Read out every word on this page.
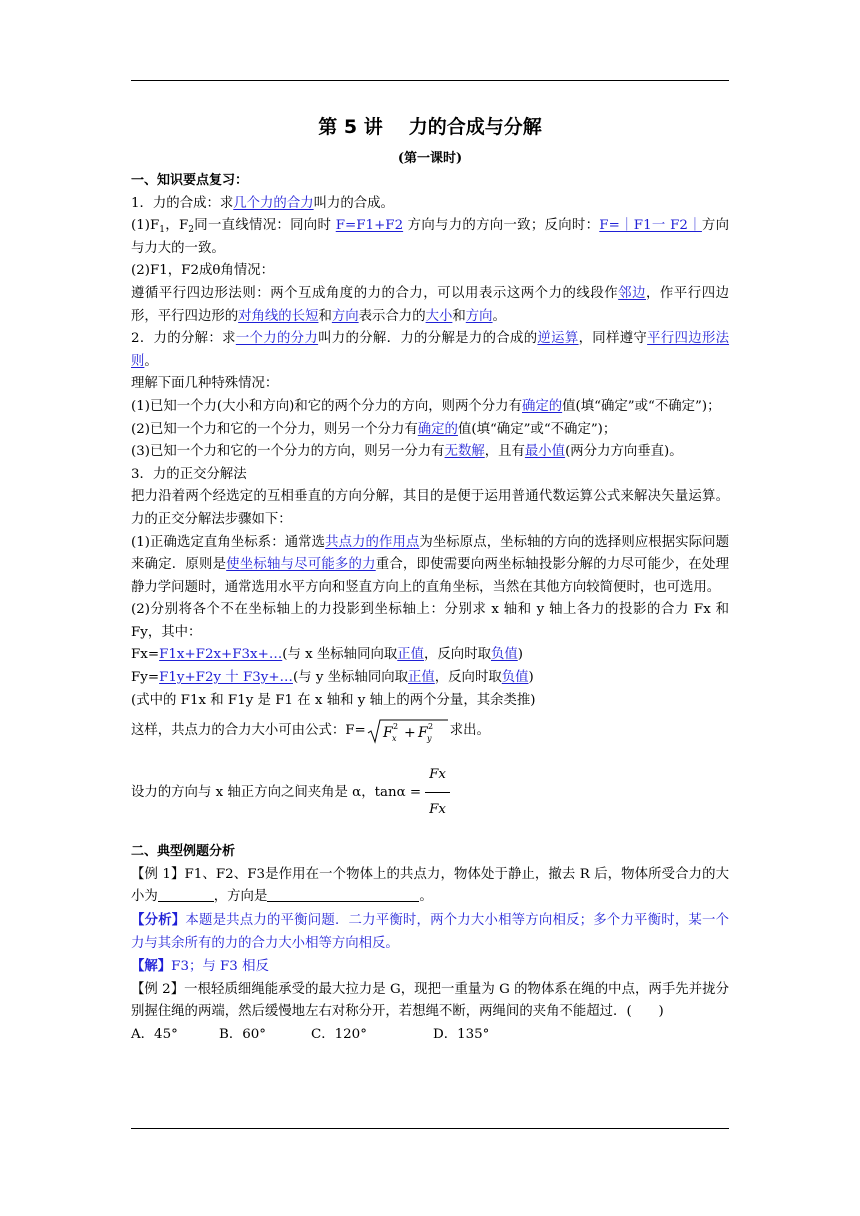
第 5 讲 力的合成与分解
(第一课时)

一、知识要点复习：

1．力的合成：求几个力的合力叫力的合成。

$(1)F_1$，$F_2$同一直线情况：同向时 F=F1+F2 方向与力的方向一致；反向时：F=｜F1一 F2｜方向与力大的一致。

(2)F1，F2成θ角情况：

遵循平行四边形法则：两个互成角度的力的合力，可以用表示这两个力的线段作邻边，作平行四边形，平行四边形的对角线的长短和方向表示合力的大小和方向。

2．力的分解：求一个力的分力叫力的分解．力的分解是力的合成的逆运算，同样遵守平行四边形法则。

理解下面几种特殊情况：

(1)已知一个力(大小和方向)和它的两个分力的方向，则两个分力有确定的值(填“确定”或“不确定”)；

(2)已知一个力和它的一个分力，则另一个分力有确定的值(填“确定”或“不确定”)；

(3)已知一个力和它的一个分力的方向，则另一分力有无数解，且有最小值(两分力方向垂直)。

3．力的正交分解法

把力沿着两个经选定的互相垂直的方向分解，其目的是便于运用普通代数运算公式来解决矢量运算。力的正交分解法步骤如下：

(1)正确选定直角坐标系：通常选共点力的作用点为坐标原点，坐标轴的方向的选择则应根据实际问题来确定．原则是使坐标轴与尽可能多的力重合，即使需要向两坐标轴投影分解的力尽可能少，在处理静力学问题时，通常选用水平方向和竖直方向上的直角坐标，当然在其他方向较简便时，也可选用。

(2)分别将各个不在坐标轴上的力投影到坐标轴上：分别求 x 轴和 y 轴上各力的投影的合力 Fx 和 Fy，其中：

Fx=F1x+F2x+F3x+…(与 x 坐标轴同向取正值，反向时取负值)

Fy=F1y+F2y 十 F3y+…(与 y 坐标轴同向取正值，反向时取负值)

(式中的 F1x 和 F1y 是 F1 在 x 轴和 y 轴上的两个分量，其余类推)

这样，共点力的合力大小可由公式：F= F x
2 + F y
2 求出。

设力的方向与 x 轴正方向之间夹角是 α，$\tan\alpha = \frac{Fx}{Fx}$

二、典型例题分析

【例 1】F1、F2、F3是作用在一个物体上的共点力，物体处于静止，撤去 R 后，物体所受合力的大小为	，方向是	。

【分析】本题是共点力的平衡问题．二力平衡时，两个力大小相等方向相反；多个力平衡时，某一个力与其余所有的力的合力大小相等方向相反。

【解】F3；与 F3 相反

【例 2】一根轻质细绳能承受的最大拉力是 G，现把一重量为 G 的物体系在绳的中点，两手先并拢分别握住绳的两端，然后缓慢地左右对称分开，若想绳不断，两绳间的夹角不能超过．(　　)

A．45°	B．60°	C．120°	D．135°
